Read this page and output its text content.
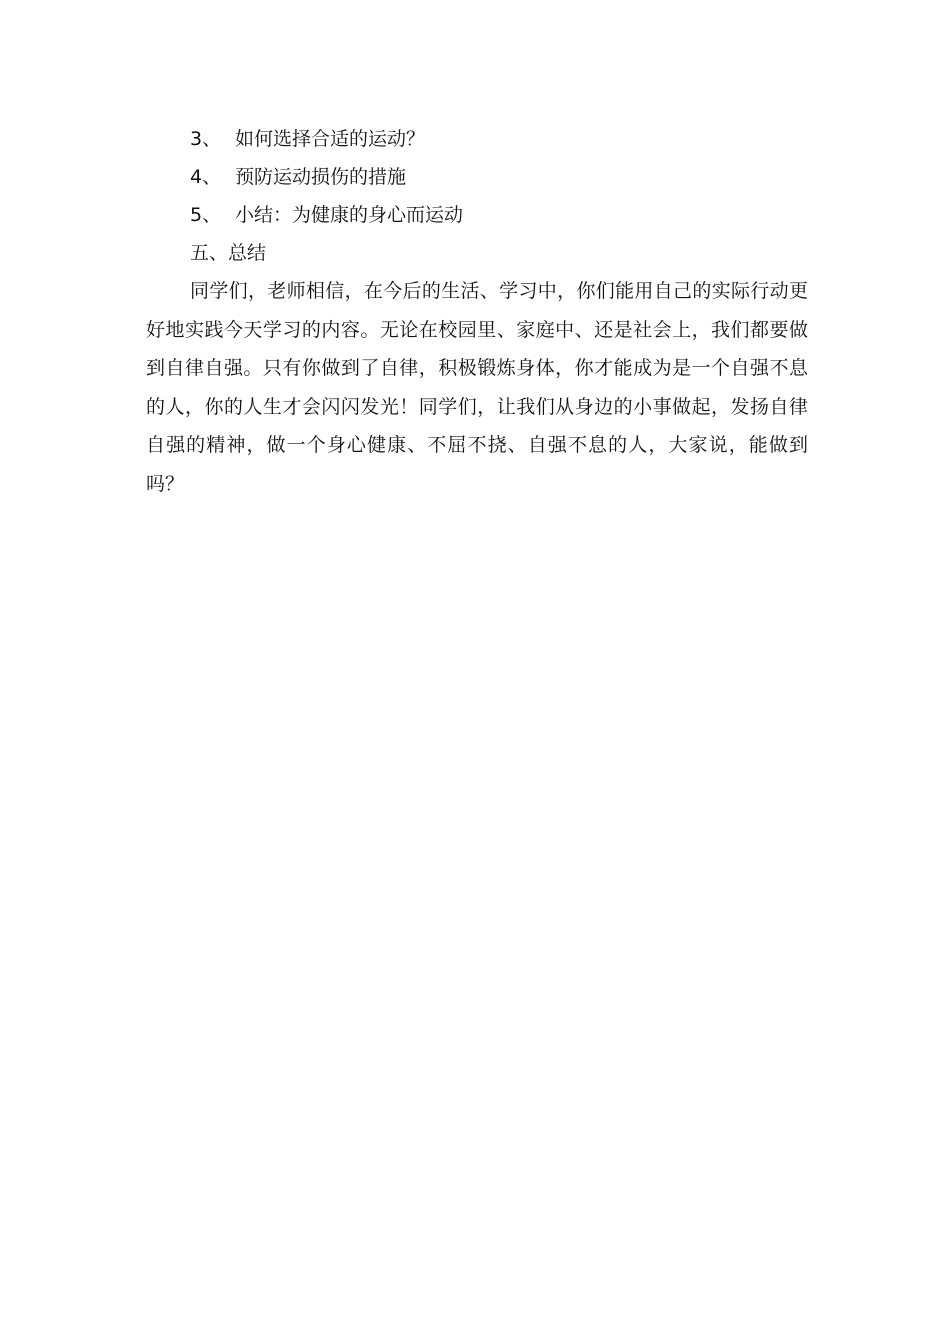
3、 如何选择合适的运动？
4、 预防运动损伤的措施
5、 小结：为健康的身心而运动
五、总结

同学们，老师相信，在今后的生活、学习中，你们能用自己的实际行动更好地实践今天学习的内容。无论在校园里、家庭中、还是社会上，我们都要做到自律自强。只有你做到了自律，积极锻炼身体，你才能成为是一个自强不息的人，你的人生才会闪闪发光！同学们，让我们从身边的小事做起，发扬自律自强的精神，做一个身心健康、不屈不挠、自强不息的人，大家说，能做到吗？
